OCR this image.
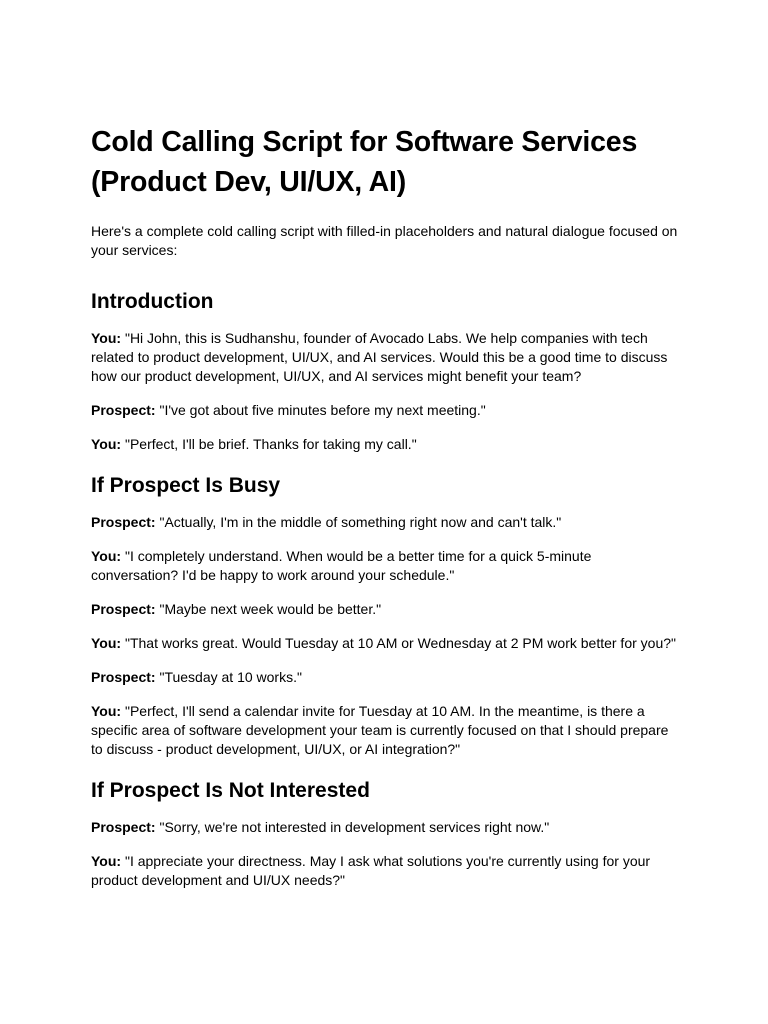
Cold Calling Script for Software Services (Product Dev, UI/UX, AI)

Here's a complete cold calling script with filled-in placeholders and natural dialogue focused on your services:

Introduction

You: "Hi John, this is Sudhanshu, founder of Avocado Labs. We help companies with tech related to product development, UI/UX, and AI services. Would this be a good time to discuss how our product development, UI/UX, and AI services might benefit your team?

Prospect: "I've got about five minutes before my next meeting."

You: "Perfect, I'll be brief. Thanks for taking my call."

If Prospect Is Busy

Prospect: "Actually, I'm in the middle of something right now and can't talk."

You: "I completely understand. When would be a better time for a quick 5-minute conversation? I'd be happy to work around your schedule."

Prospect: "Maybe next week would be better."

You: "That works great. Would Tuesday at 10 AM or Wednesday at 2 PM work better for you?"

Prospect: "Tuesday at 10 works."

You: "Perfect, I'll send a calendar invite for Tuesday at 10 AM. In the meantime, is there a specific area of software development your team is currently focused on that I should prepare to discuss - product development, UI/UX, or AI integration?"

If Prospect Is Not Interested

Prospect: "Sorry, we're not interested in development services right now."

You: "I appreciate your directness. May I ask what solutions you're currently using for your product development and UI/UX needs?"
